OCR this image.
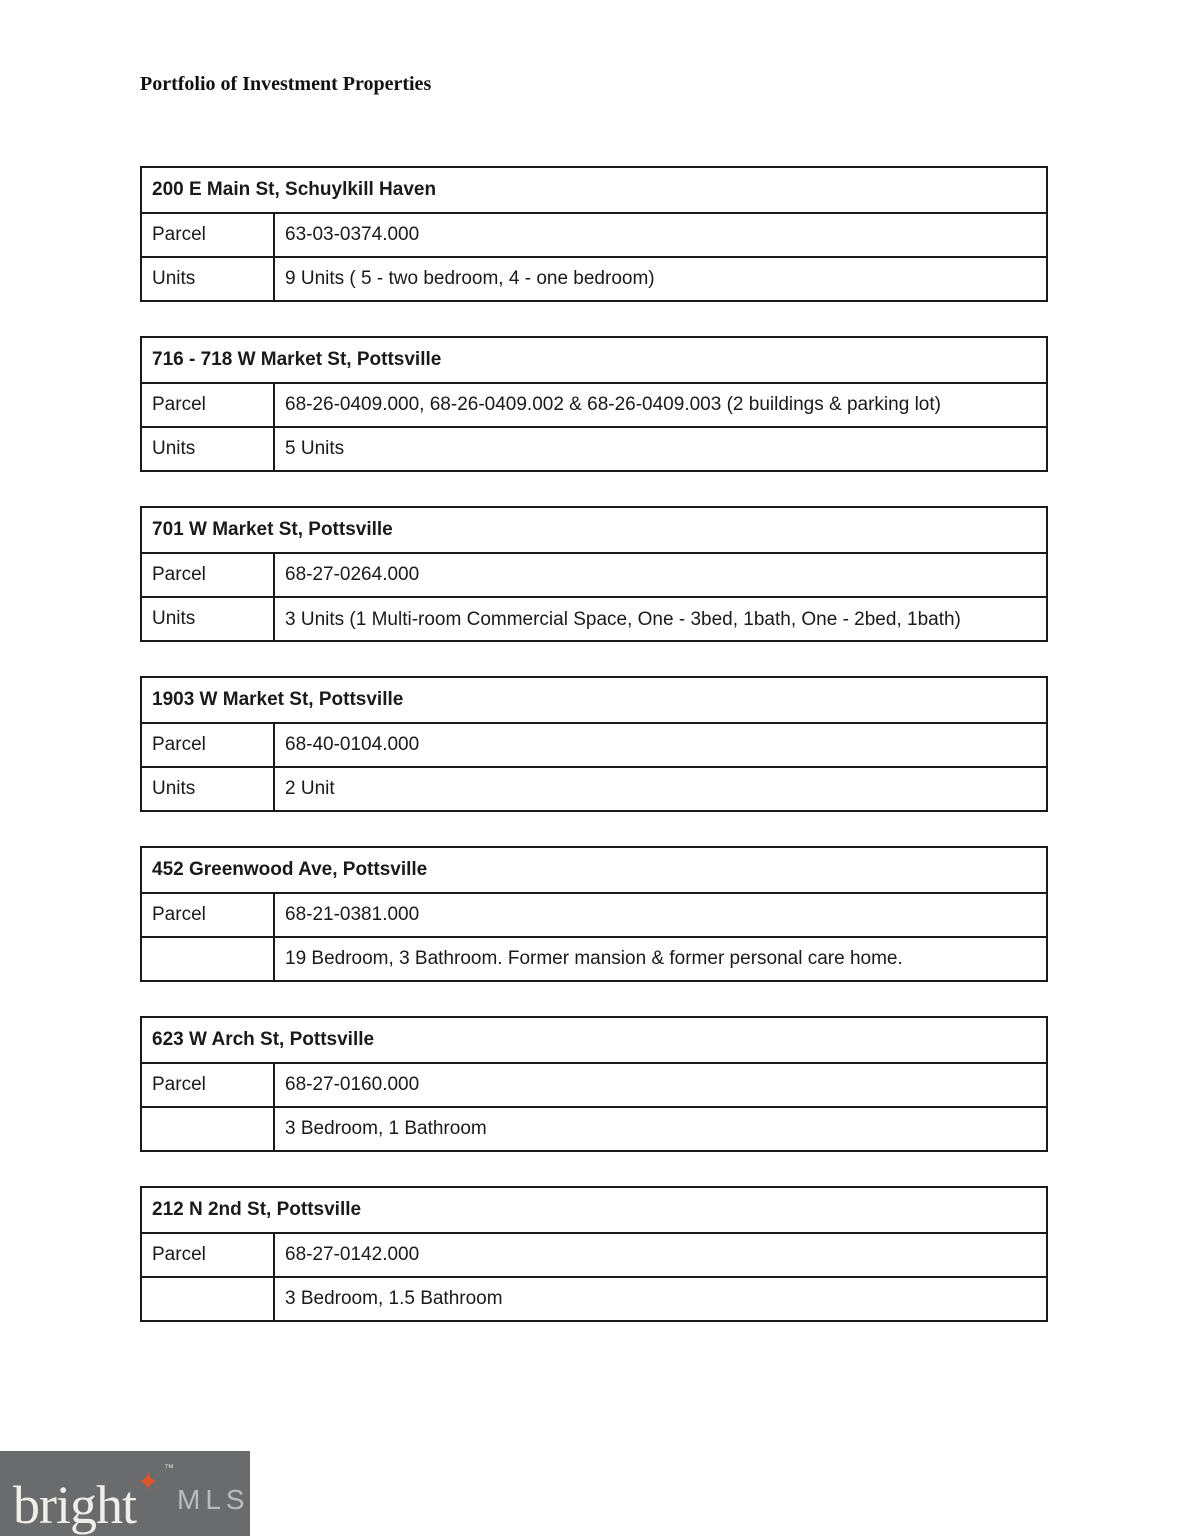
Portfolio of Investment Properties
200 E Main St, Schuylkill Haven	
Parcel	63-03-0374.000
Units	9 Units ( 5 - two bedroom, 4 - one bedroom)
716 - 718 W Market St, Pottsville	
Parcel	68-26-0409.000, 68-26-0409.002 & 68-26-0409.003 (2 buildings & parking lot)
Units	5 Units
701 W Market St, Pottsville	
Parcel	68-27-0264.000
Units	3 Units (1 Multi-room Commercial Space, One - 3bed, 1bath, One - 2bed, 1bath)
1903 W Market St, Pottsville	
Parcel	68-40-0104.000
Units	2 Unit
452 Greenwood Ave, Pottsville	
Parcel	68-21-0381.000
	19 Bedroom, 3 Bathroom. Former mansion & former personal care home.
623 W Arch St, Pottsville	
Parcel	68-27-0160.000
	3 Bedroom, 1 Bathroom
212 N 2nd St, Pottsville	
Parcel	68-27-0142.000
	3 Bedroom, 1.5 Bathroom
bright ✦ ™
MLS
